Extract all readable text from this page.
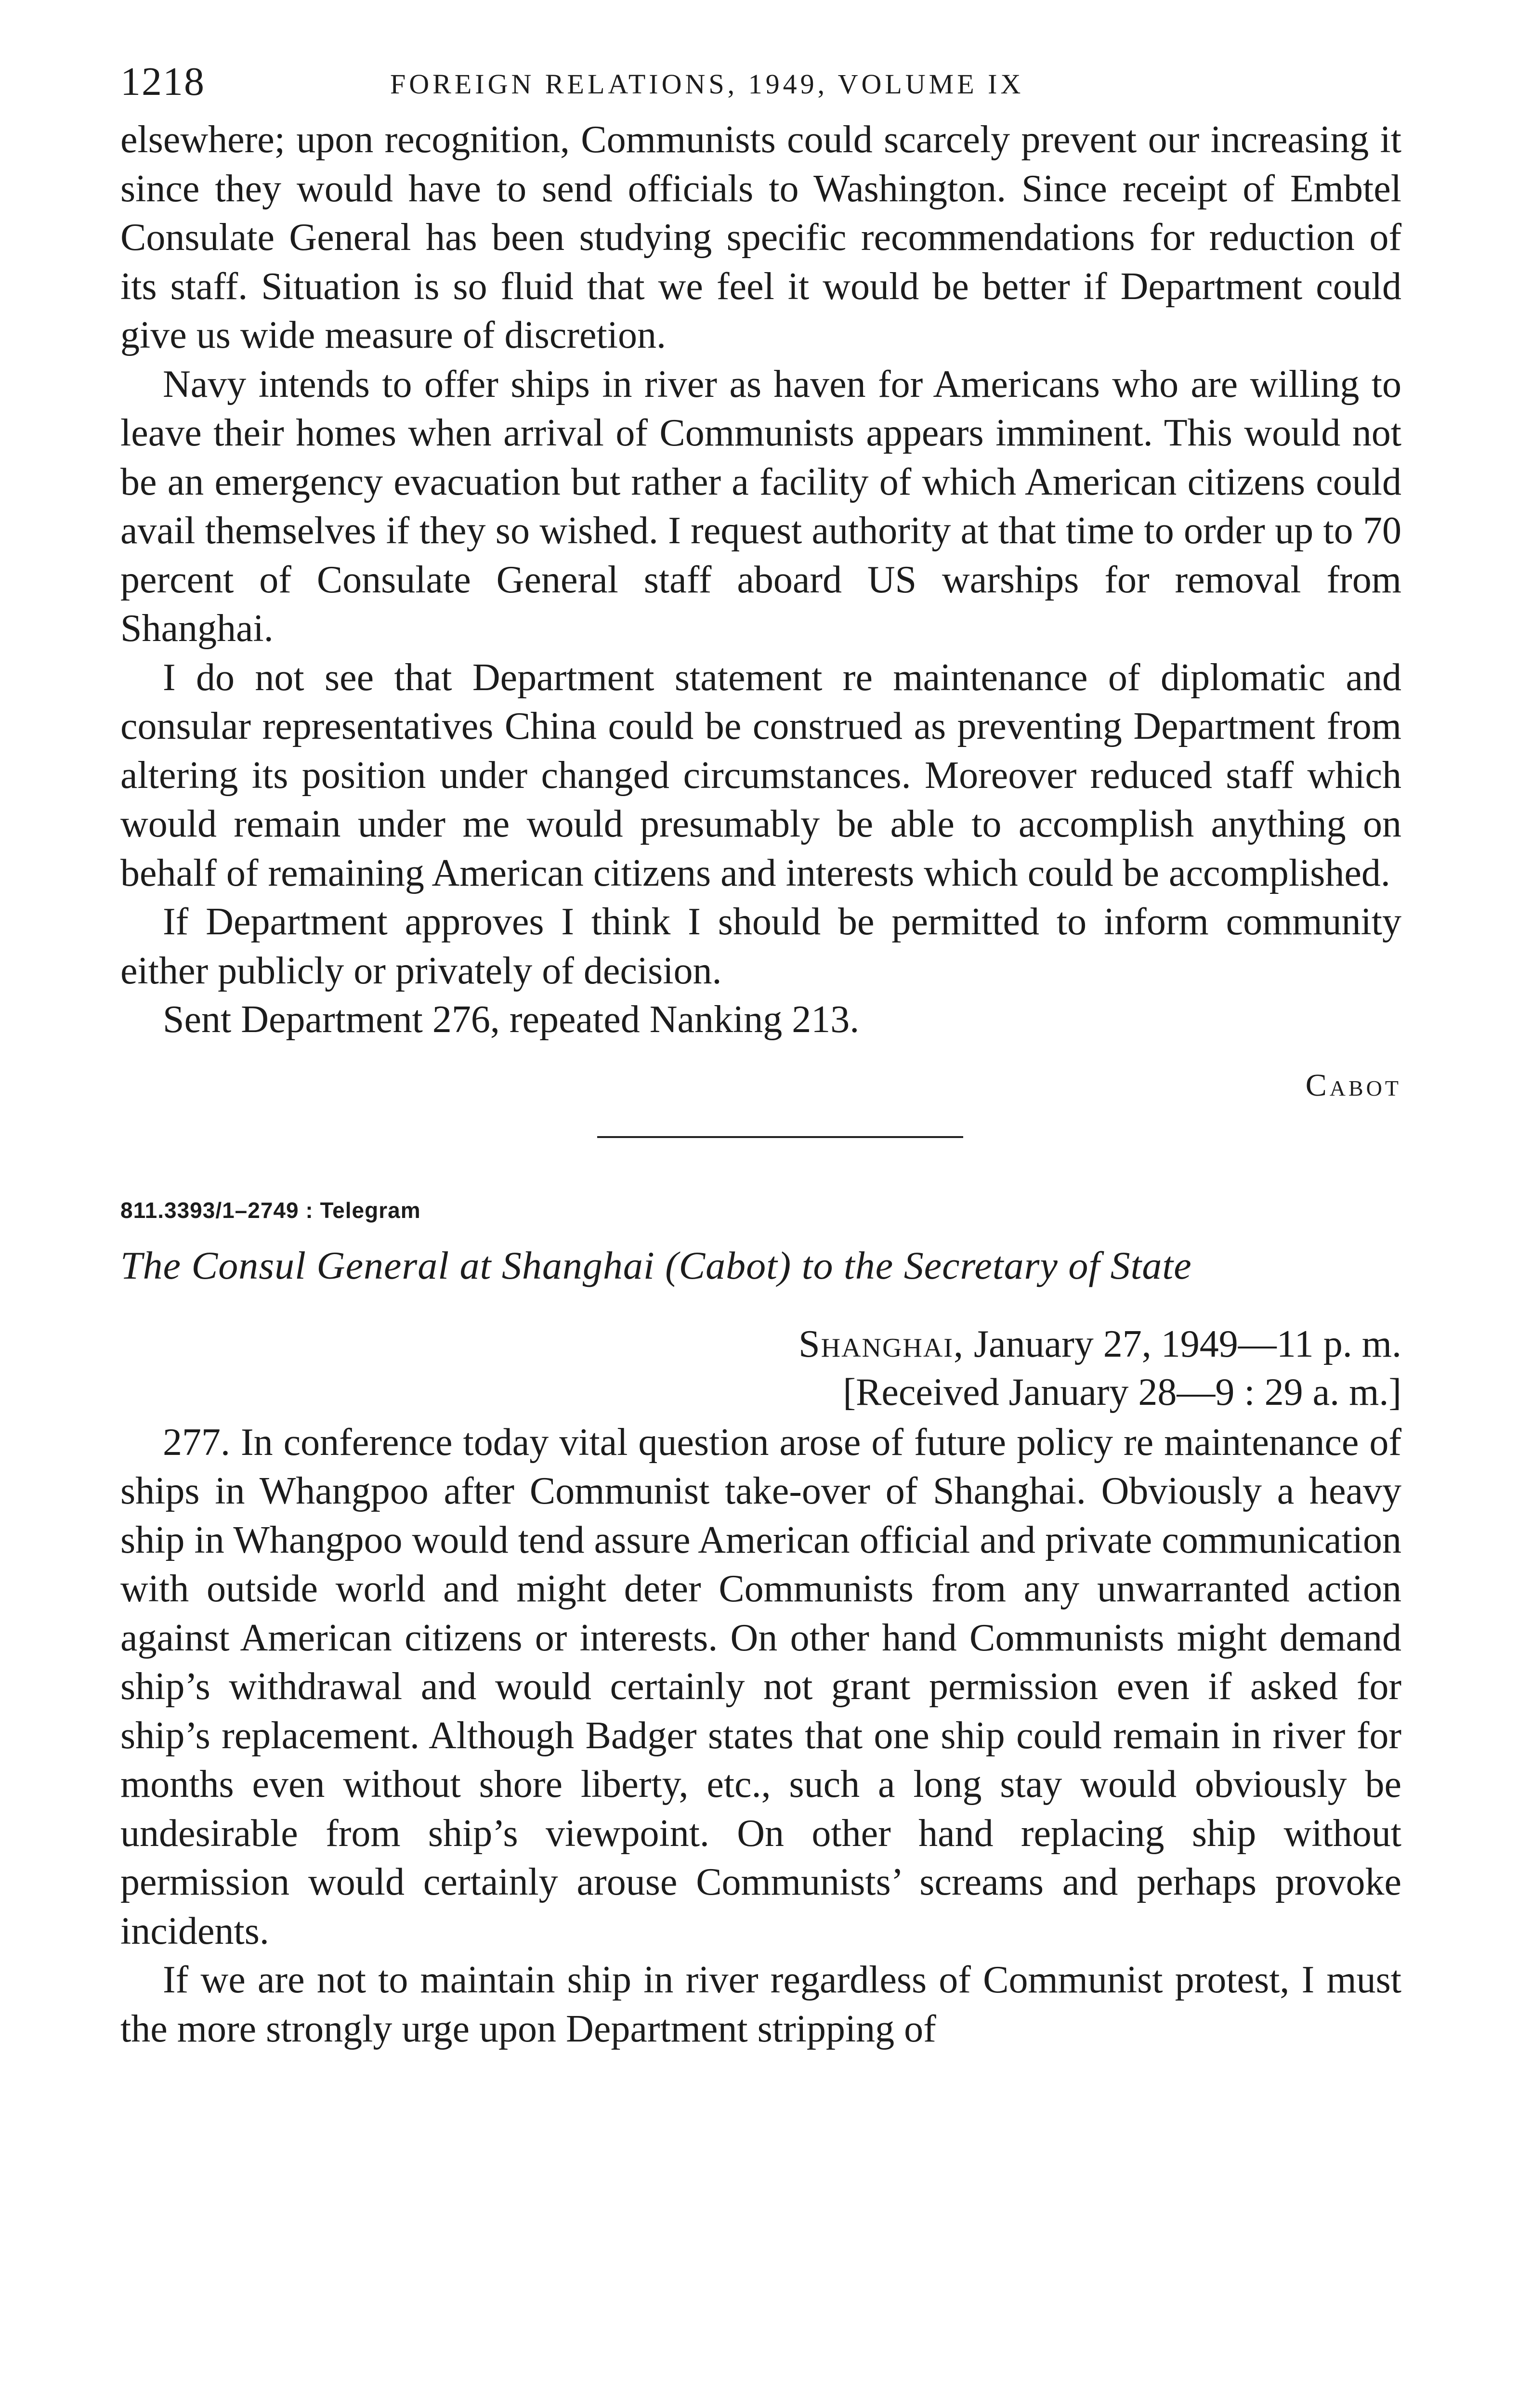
1218	FOREIGN RELATIONS, 1949, VOLUME IX

elsewhere; upon recognition, Communists could scarcely prevent our increasing it since they would have to send officials to Washington. Since receipt of Embtel Consulate General has been studying specific recommendations for reduction of its staff. Situation is so fluid that we feel it would be better if Department could give us wide measure of discretion.

Navy intends to offer ships in river as haven for Americans who are willing to leave their homes when arrival of Communists appears imminent. This would not be an emergency evacuation but rather a facility of which American citizens could avail themselves if they so wished. I request authority at that time to order up to 70 percent of Consulate General staff aboard US warships for removal from Shanghai.

I do not see that Department statement re maintenance of diplomatic and consular representatives China could be construed as preventing Department from altering its position under changed circumstances. Moreover reduced staff which would remain under me would presumably be able to accomplish anything on behalf of remaining American citizens and interests which could be accomplished.

If Department approves I think I should be permitted to inform community either publicly or privately of decision.

Sent Department 276, repeated Nanking 213.

Cabot
811.3393/1–2749 : Telegram
The Consul General at Shanghai (Cabot) to the Secretary of State
Shanghai, January 27, 1949—11 p. m.
[Received January 28—9 : 29 a. m.]

277. In conference today vital question arose of future policy re maintenance of ships in Whangpoo after Communist take-over of Shanghai. Obviously a heavy ship in Whangpoo would tend assure American official and private communication with outside world and might deter Communists from any unwarranted action against American citizens or interests. On other hand Communists might demand ship’s withdrawal and would certainly not grant permission even if asked for ship’s replacement. Although Badger states that one ship could remain in river for months even without shore liberty, etc., such a long stay would obviously be undesirable from ship’s viewpoint. On other hand replacing ship without permission would certainly arouse Communists’ screams and perhaps provoke incidents.

If we are not to maintain ship in river regardless of Communist protest, I must the more strongly urge upon Department stripping of
